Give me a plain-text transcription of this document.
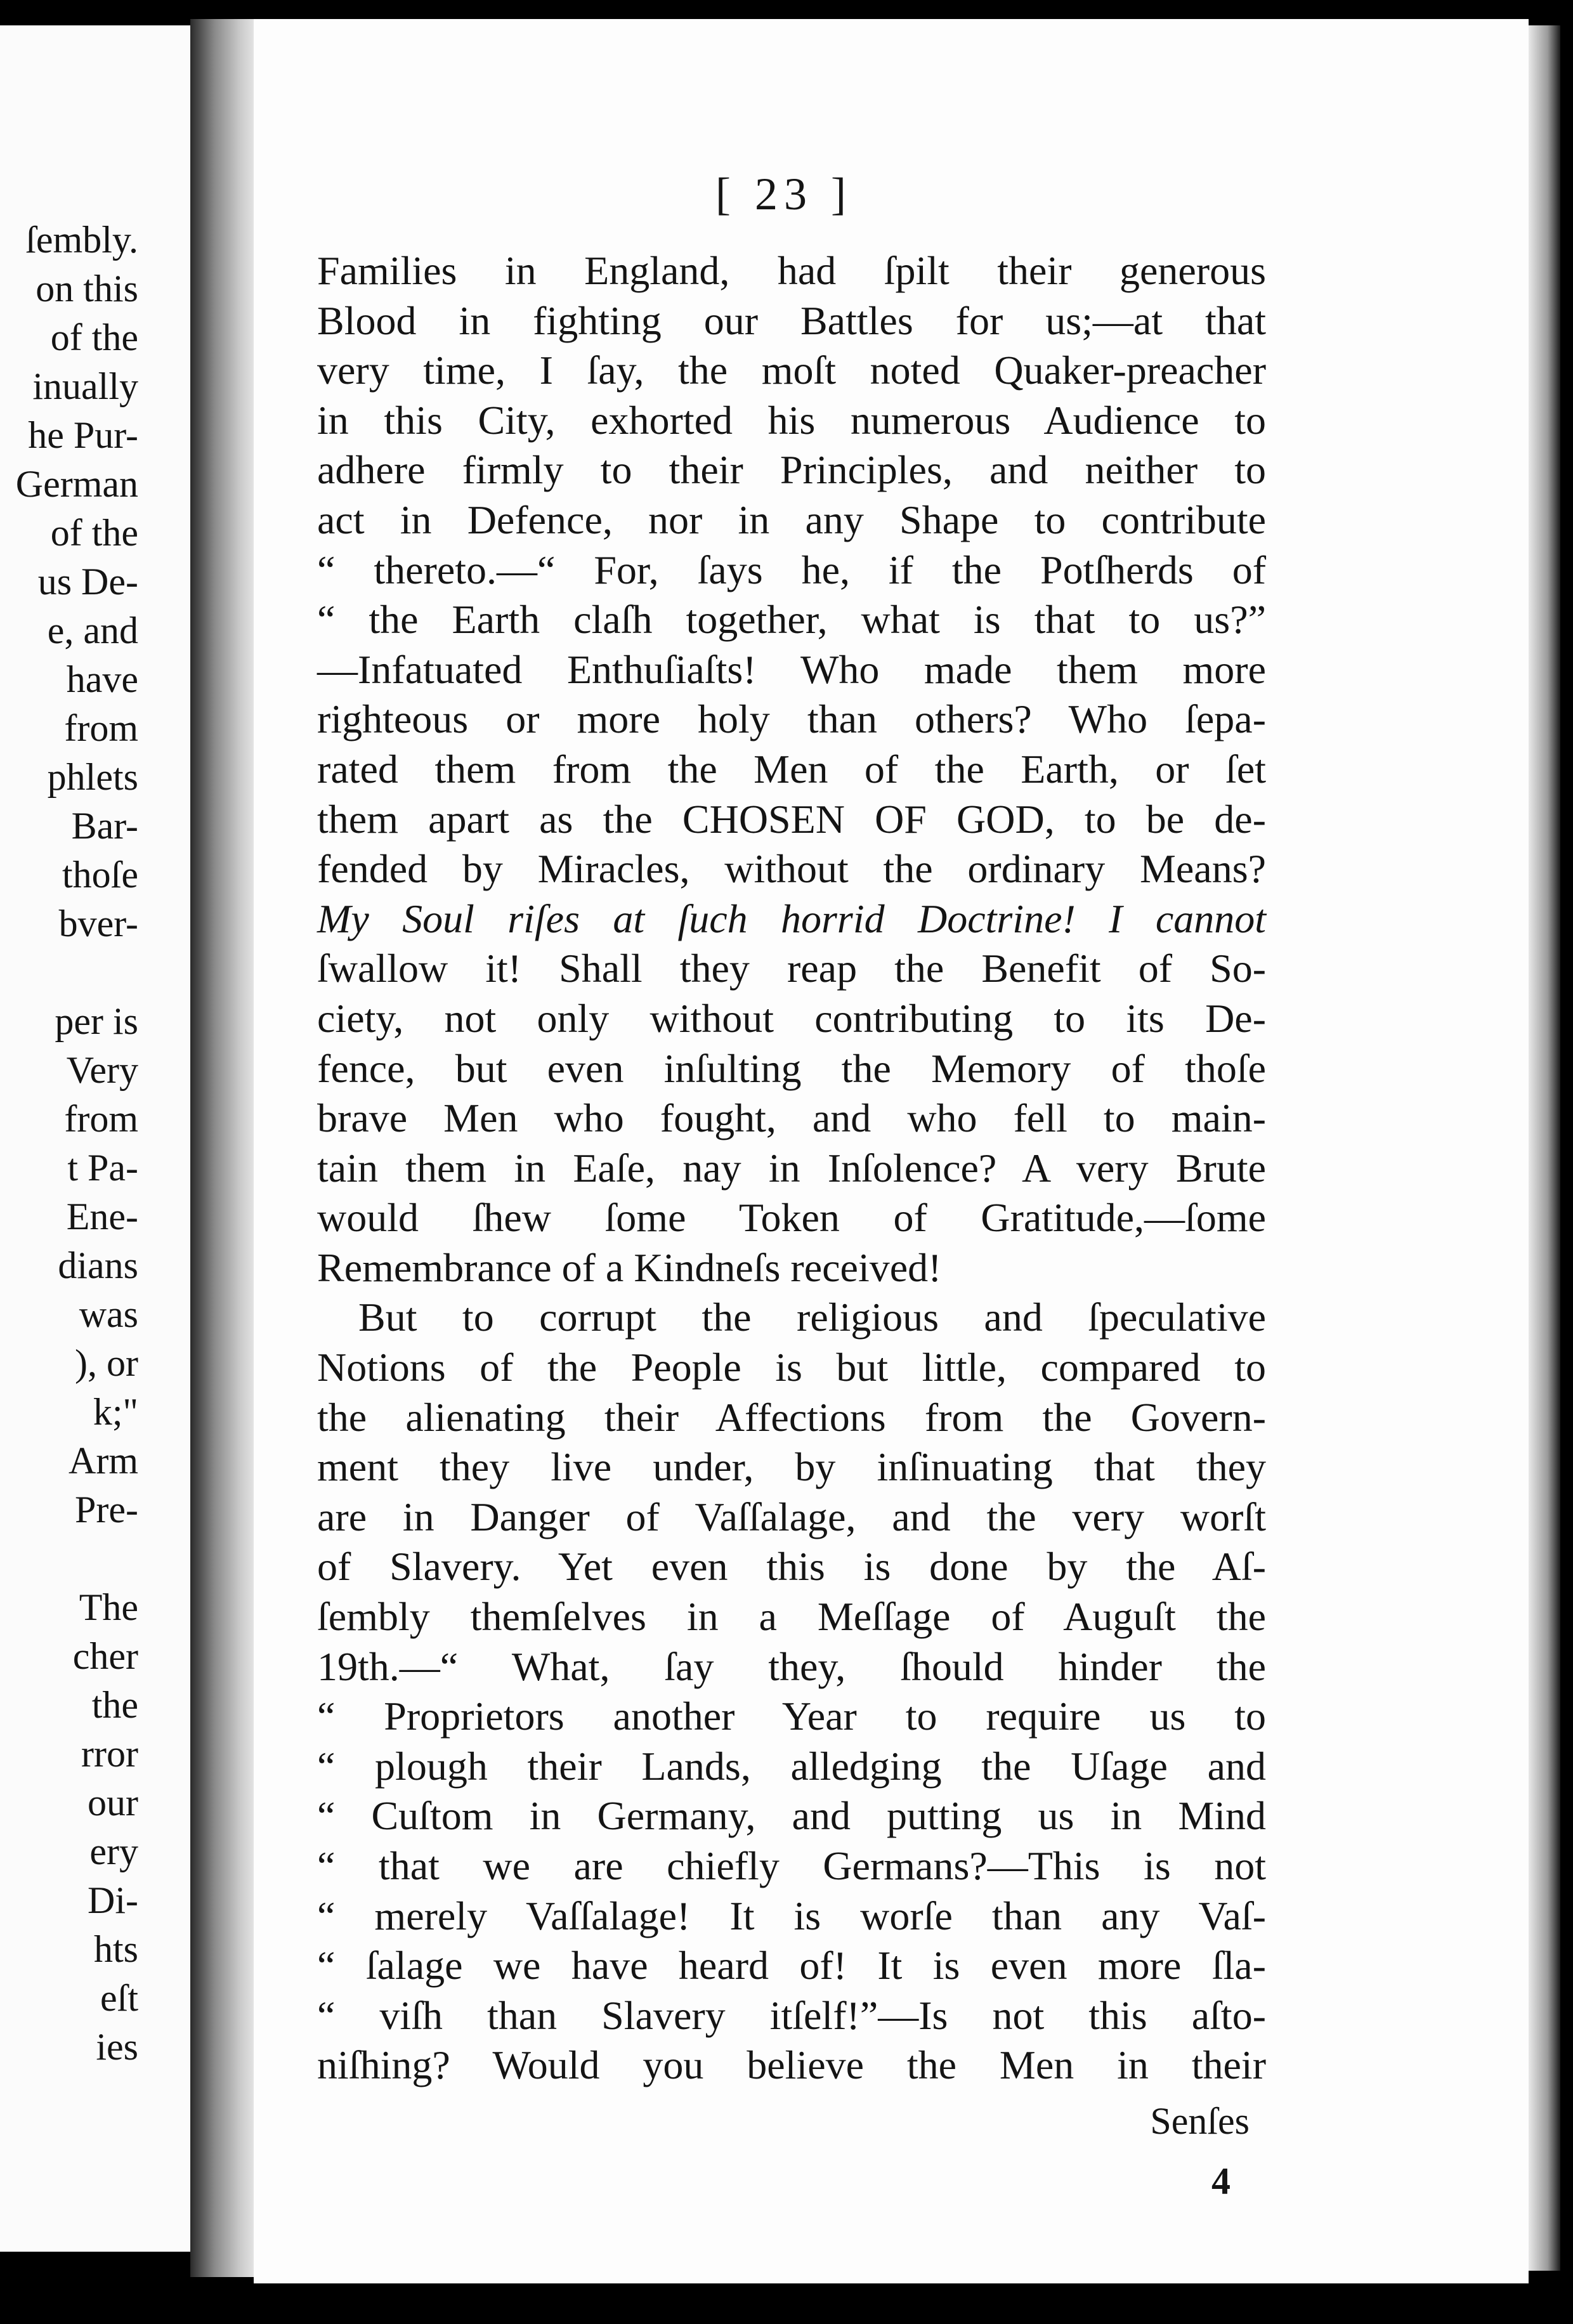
ſembly.
on this
of the
inually
he Pur-
German
of the
us De-
e, and
have
from
phlets
Bar-
thoſe
bver-
per is
Very
from
t Pa-
Ene-
dians
was
), or
k;"
Arm
Pre-
The
cher
the
rror
our
ery
Di-
hts
eſt
ies
[ 23 ]
Families in England, had ſpilt their generous
Blood in fighting our Battles for us;—at that
very time, I ſay, the moſt noted Quaker-preacher
in this City, exhorted his numerous Audience to
adhere firmly to their Principles, and neither to
act in Defence, nor in any Shape to contribute
“ thereto.—“ For, ſays he, if the Potſherds of
“ the Earth claſh together, what is that to us?”
—Infatuated Enthuſiaſts! Who made them more
righteous or more holy than others? Who ſepa-
rated them from the Men of the Earth, or ſet
them apart as the CHOSEN OF GOD, to be de-
fended by Miracles, without the ordinary Means?
My Soul riſes at ſuch horrid Doctrine! I cannot
ſwallow it! Shall they reap the Benefit of So-
ciety, not only without contributing to its De-
fence, but even inſulting the Memory of thoſe
brave Men who fought, and who fell to main-
tain them in Eaſe, nay in Inſolence? A very Brute
would ſhew ſome Token of Gratitude,—ſome
Remembrance of a Kindneſs received!
But to corrupt the religious and ſpeculative
Notions of the People is but little, compared to
the alienating their Affections from the Govern-
ment they live under, by inſinuating that they
are in Danger of Vaſſalage, and the very worſt
of Slavery. Yet even this is done by the Aſ-
ſembly themſelves in a Meſſage of Auguſt the
19th.—“ What, ſay they, ſhould hinder the
“ Proprietors another Year to require us to
“ plough their Lands, alledging the Uſage and
“ Cuſtom in Germany, and putting us in Mind
“ that we are chiefly Germans?—This is not
“ merely Vaſſalage! It is worſe than any Vaſ-
“ ſalage we have heard of! It is even more ſla-
“ viſh than Slavery itſelf!”—Is not this aſto-
niſhing? Would you believe the Men in their
Senſes
4
